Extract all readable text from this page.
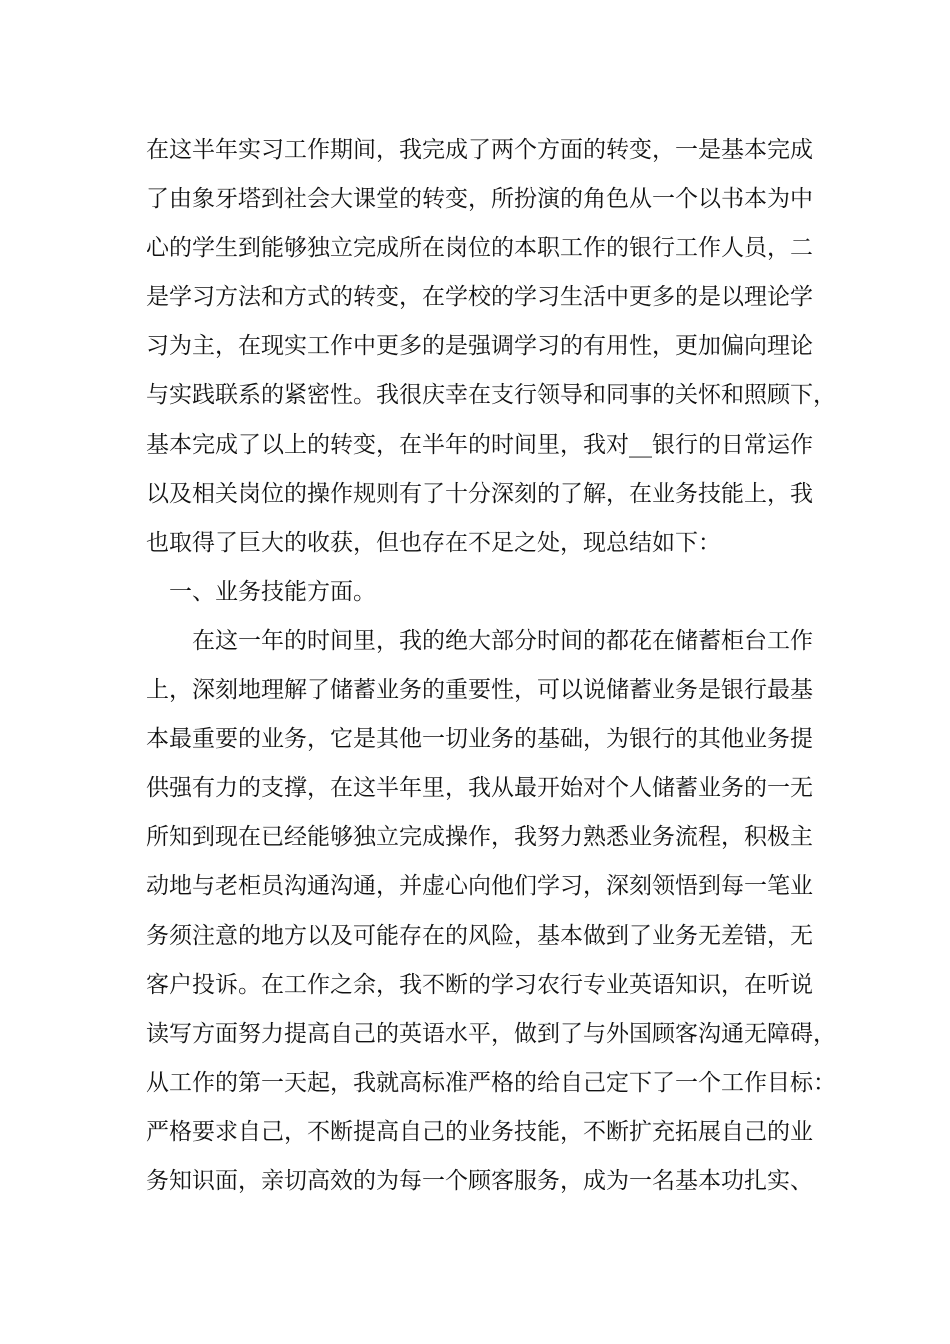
在这半年实习工作期间，我完成了两个方面的转变，一是基本完成
了由象牙塔到社会大课堂的转变，所扮演的角色从一个以书本为中
心的学生到能够独立完成所在岗位的本职工作的银行工作人员，二
是学习方法和方式的转变，在学校的学习生活中更多的是以理论学
习为主，在现实工作中更多的是强调学习的有用性，更加偏向理论
与实践联系的紧密性。我很庆幸在支行领导和同事的关怀和照顾下，
基本完成了以上的转变，在半年的时间里，我对__银行的日常运作
以及相关岗位的操作规则有了十分深刻的了解，在业务技能上，我
也取得了巨大的收获，但也存在不足之处，现总结如下：
一、业务技能方面。
在这一年的时间里，我的绝大部分时间的都花在储蓄柜台工作
上，深刻地理解了储蓄业务的重要性，可以说储蓄业务是银行最基
本最重要的业务，它是其他一切业务的基础，为银行的其他业务提
供强有力的支撑，在这半年里，我从最开始对个人储蓄业务的一无
所知到现在已经能够独立完成操作，我努力熟悉业务流程，积极主
动地与老柜员沟通沟通，并虚心向他们学习，深刻领悟到每一笔业
务须注意的地方以及可能存在的风险，基本做到了业务无差错，无
客户投诉。在工作之余，我不断的学习农行专业英语知识，在听说
读写方面努力提高自己的英语水平，做到了与外国顾客沟通无障碍，
从工作的第一天起，我就高标准严格的给自己定下了一个工作目标：
严格要求自己，不断提高自己的业务技能，不断扩充拓展自己的业
务知识面，亲切高效的为每一个顾客服务，成为一名基本功扎实、
